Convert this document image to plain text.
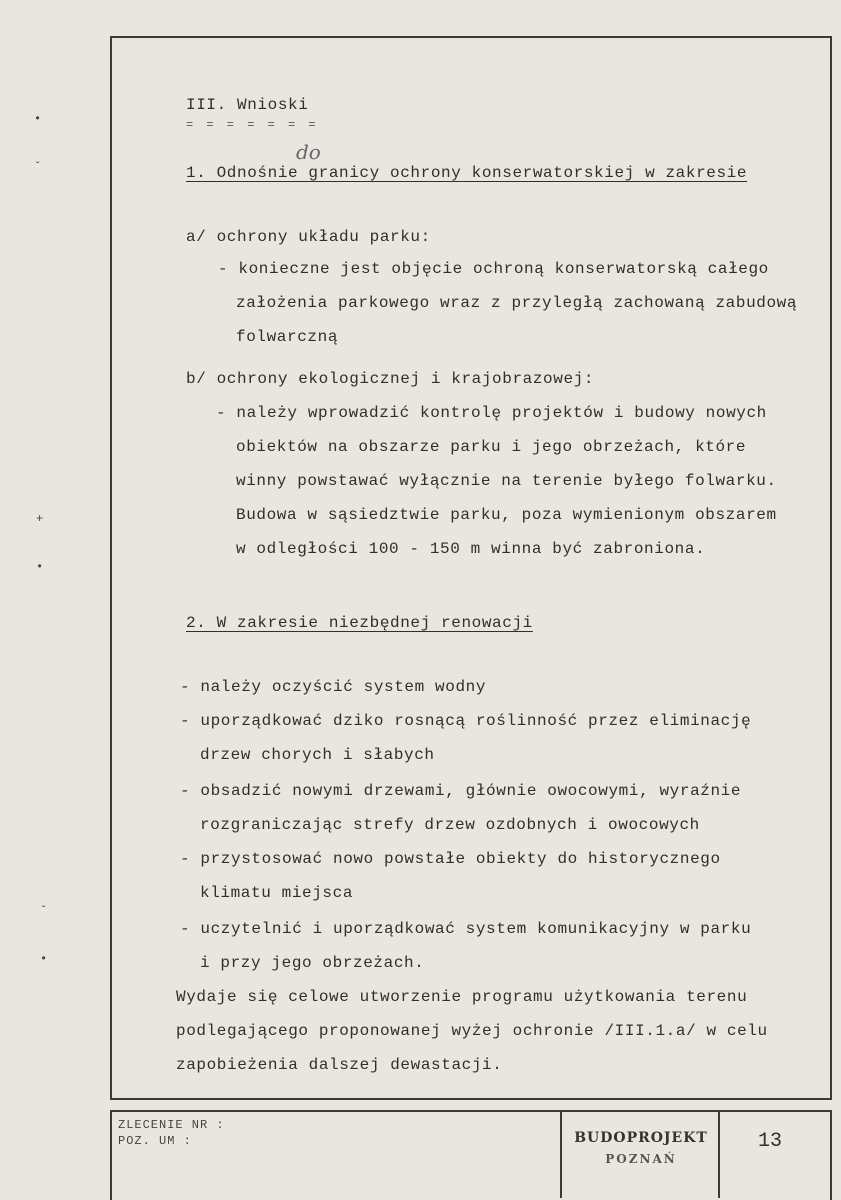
III. Wnioski
= = = = = = =
do
1. Odnośnie granicy ochrony konserwatorskiej w zakresie
a/ ochrony układu parku:
- konieczne jest objęcie ochroną konserwatorską całego
założenia parkowego wraz z przyległą zachowaną zabudową
folwarczną
b/ ochrony ekologicznej i krajobrazowej:
- należy wprowadzić kontrolę projektów i budowy nowych
obiektów na obszarze parku i jego obrzeżach, które
winny powstawać wyłącznie na terenie byłego folwarku.
Budowa w sąsiedztwie parku, poza wymienionym obszarem
w odległości 100 - 150 m winna być zabroniona.
2. W zakresie niezbędnej renowacji
- należy oczyścić system wodny
- uporządkować dziko rosnącą roślinność przez eliminację
drzew chorych i słabych
- obsadzić nowymi drzewami, głównie owocowymi, wyraźnie
rozgraniczając strefy drzew ozdobnych i owocowych
- przystosować nowo powstałe obiekty do historycznego
klimatu miejsca
- uczytelnić i uporządkować system komunikacyjny w parku
i przy jego obrzeżach.
Wydaje się celowe utworzenie programu użytkowania terenu
podlegającego proponowanej wyżej ochronie /III.1.a/ w celu
zapobieżenia dalszej dewastacji.
ZLECENIE NR :
POZ. UM :	BUDOPROJEKT
POZNAŃ
13
•
ˇ
+
•
ˇ
•
